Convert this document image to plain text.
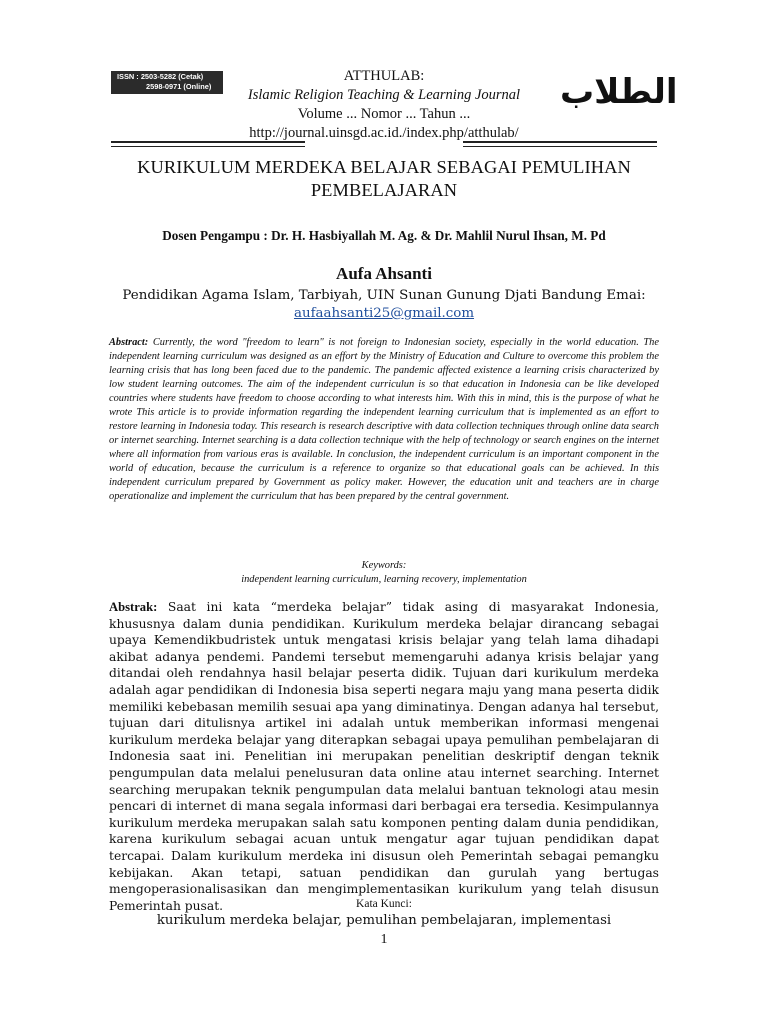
ISSN : 2503-5282 (Cetak)
2598-0971 (Online)
ATTHULAB:
Islamic Religion Teaching & Learning Journal
Volume ... Nomor ... Tahun ...
http://journal.uinsgd.ac.id./index.php/atthulab/
الطلاب
KURIKULUM MERDEKA BELAJAR SEBAGAI PEMULIHAN
PEMBELAJARAN
Dosen Pengampu : Dr. H. Hasbiyallah M. Ag. & Dr. Mahlil Nurul Ihsan, M. Pd
Aufa Ahsanti
Pendidikan Agama Islam, Tarbiyah, UIN Sunan Gunung Djati Bandung Emai:
aufaahsanti25@gmail.com
Abstract: Currently, the word "freedom to learn" is not foreign to Indonesian society, especially in the world education. The independent learning curriculum was designed as an effort by the Ministry of Education and Culture to overcome this problem the learning crisis that has long been faced due to the pandemic. The pandemic affected existence a learning crisis characterized by low student learning outcomes. The aim of the independent curriculun is so that education in Indonesia can be like developed countries where students have freedom to choose according to what interests him. With this in mind, this is the purpose of what he wrote This article is to provide information regarding the independent learning curriculum that is implemented as an effort to restore learning in Indonesia today. This research is research descriptive with data collection techniques through online data search or internet searching. Internet searching is a data collection technique with the help of technology or search engines on the internet where all information from various eras is available. In conclusion, the independent curriculum is an important component in the world of education, because the curriculum is a reference to organize so that educational goals can be achieved. In this independent curriculum prepared by Government as policy maker. However, the education unit and teachers are in charge operationalize and implement the curriculum that has been prepared by the central government.
Keywords:
independent learning curriculum, learning recovery, implementation
Abstrak: Saat ini kata “merdeka belajar” tidak asing di masyarakat Indonesia, khususnya dalam dunia pendidikan. Kurikulum merdeka belajar dirancang sebagai upaya Kemendikbudristek untuk mengatasi krisis belajar yang telah lama dihadapi akibat adanya pendemi. Pandemi tersebut memengaruhi adanya krisis belajar yang ditandai oleh rendahnya hasil belajar peserta didik. Tujuan dari kurikulum merdeka adalah agar pendidikan di Indonesia bisa seperti negara maju yang mana peserta didik memiliki kebebasan memilih sesuai apa yang diminatinya. Dengan adanya hal tersebut, tujuan dari ditulisnya artikel ini adalah untuk memberikan informasi mengenai kurikulum merdeka belajar yang diterapkan sebagai upaya pemulihan pembelajaran di Indonesia saat ini. Penelitian ini merupakan penelitian deskriptif dengan teknik pengumpulan data melalui penelusuran data online atau internet searching. Internet searching merupakan teknik pengumpulan data melalui bantuan teknologi atau mesin pencari di internet di mana segala informasi dari berbagai era tersedia. Kesimpulannya kurikulum merdeka merupakan salah satu komponen penting dalam dunia pendidikan, karena kurikulum sebagai acuan untuk mengatur agar tujuan pendidikan dapat tercapai. Dalam kurikulum merdeka ini disusun oleh Pemerintah sebagai pemangku kebijakan. Akan tetapi, satuan pendidikan dan gurulah yang bertugas mengoperasionalisasikan dan mengimplementasikan kurikulum yang telah disusun Pemerintah pusat.	Kata Kunci:
kurikulum merdeka belajar, pemulihan pembelajaran, implementasi
1
